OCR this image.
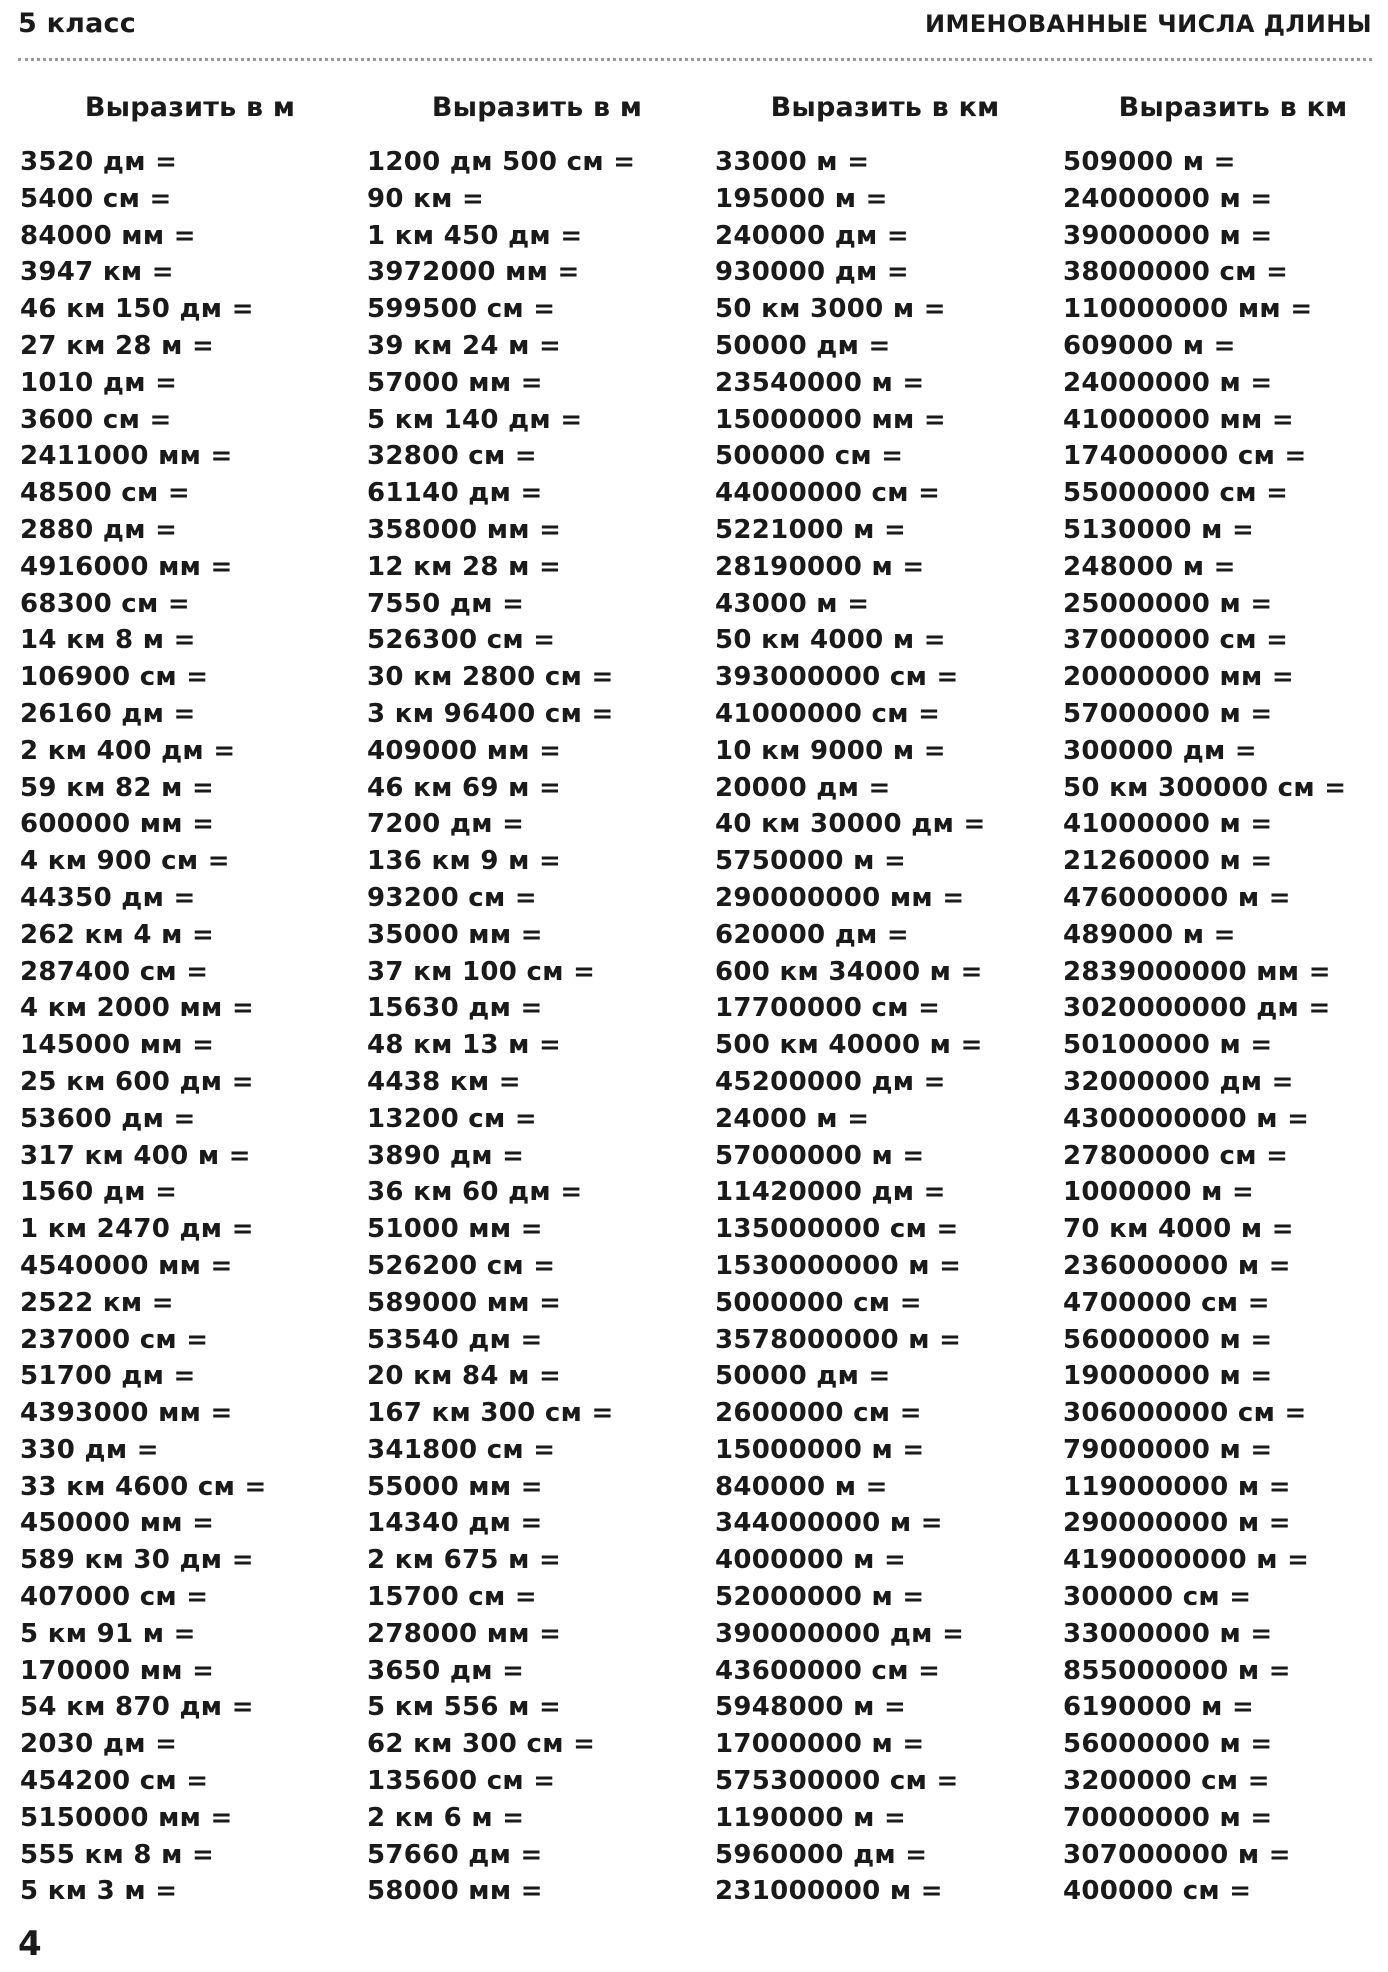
5 класс	ИМЕНОВАННЫЕ ЧИСЛА ДЛИНЫ
Выразить в м
3520 дм =
5400 см =
84000 мм =
3947 км =
46 км 150 дм =
27 км 28 м =
1010 дм =
3600 см =
2411000 мм =
48500 см =
2880 дм =
4916000 мм =
68300 см =
14 км 8 м =
106900 см =
26160 дм =
2 км 400 дм =
59 км 82 м =
600000 мм =
4 км 900 см =
44350 дм =
262 км 4 м =
287400 см =
4 км 2000 мм =
145000 мм =
25 км 600 дм =
53600 дм =
317 км 400 м =
1560 дм =
1 км 2470 дм =
4540000 мм =
2522 км =
237000 см =
51700 дм =
4393000 мм =
330 дм =
33 км 4600 см =
450000 мм =
589 км 30 дм =
407000 см =
5 км 91 м =
170000 мм =
54 км 870 дм =
2030 дм =
454200 см =
5150000 мм =
555 км 8 м =
5 км 3 м =
Выразить в м
1200 дм 500 см =
90 км =
1 км 450 дм =
3972000 мм =
599500 см =
39 км 24 м =
57000 мм =
5 км 140 дм =
32800 см =
61140 дм =
358000 мм =
12 км 28 м =
7550 дм =
526300 см =
30 км 2800 см =
3 км 96400 см =
409000 мм =
46 км 69 м =
7200 дм =
136 км 9 м =
93200 см =
35000 мм =
37 км 100 см =
15630 дм =
48 км 13 м =
4438 км =
13200 см =
3890 дм =
36 км 60 дм =
51000 мм =
526200 см =
589000 мм =
53540 дм =
20 км 84 м =
167 км 300 см =
341800 см =
55000 мм =
14340 дм =
2 км 675 м =
15700 см =
278000 мм =
3650 дм =
5 км 556 м =
62 км 300 см =
135600 см =
2 км 6 м =
57660 дм =
58000 мм =
Выразить в км
33000 м =
195000 м =
240000 дм =
930000 дм =
50 км 3000 м =
50000 дм =
23540000 м =
15000000 мм =
500000 см =
44000000 см =
5221000 м =
28190000 м =
43000 м =
50 км 4000 м =
393000000 см =
41000000 см =
10 км 9000 м =
20000 дм =
40 км 30000 дм =
5750000 м =
290000000 мм =
620000 дм =
600 км 34000 м =
17700000 см =
500 км 40000 м =
45200000 дм =
24000 м =
57000000 м =
11420000 дм =
135000000 см =
1530000000 м =
5000000 см =
3578000000 м =
50000 дм =
2600000 см =
15000000 м =
840000 м =
344000000 м =
4000000 м =
52000000 м =
390000000 дм =
43600000 см =
5948000 м =
17000000 м =
575300000 см =
1190000 м =
5960000 дм =
231000000 м =
Выразить в км
509000 м =
24000000 м =
39000000 м =
38000000 см =
110000000 мм =
609000 м =
24000000 м =
41000000 мм =
174000000 см =
55000000 см =
5130000 м =
248000 м =
25000000 м =
37000000 см =
20000000 мм =
57000000 м =
300000 дм =
50 км 300000 см =
41000000 м =
21260000 м =
476000000 м =
489000 м =
2839000000 мм =
3020000000 дм =
50100000 м =
32000000 дм =
4300000000 м =
27800000 см =
1000000 м =
70 км 4000 м =
236000000 м =
4700000 см =
56000000 м =
19000000 м =
306000000 см =
79000000 м =
119000000 м =
290000000 м =
4190000000 м =
300000 см =
33000000 м =
855000000 м =
6190000 м =
56000000 м =
3200000 см =
70000000 м =
307000000 м =
400000 см =
4
